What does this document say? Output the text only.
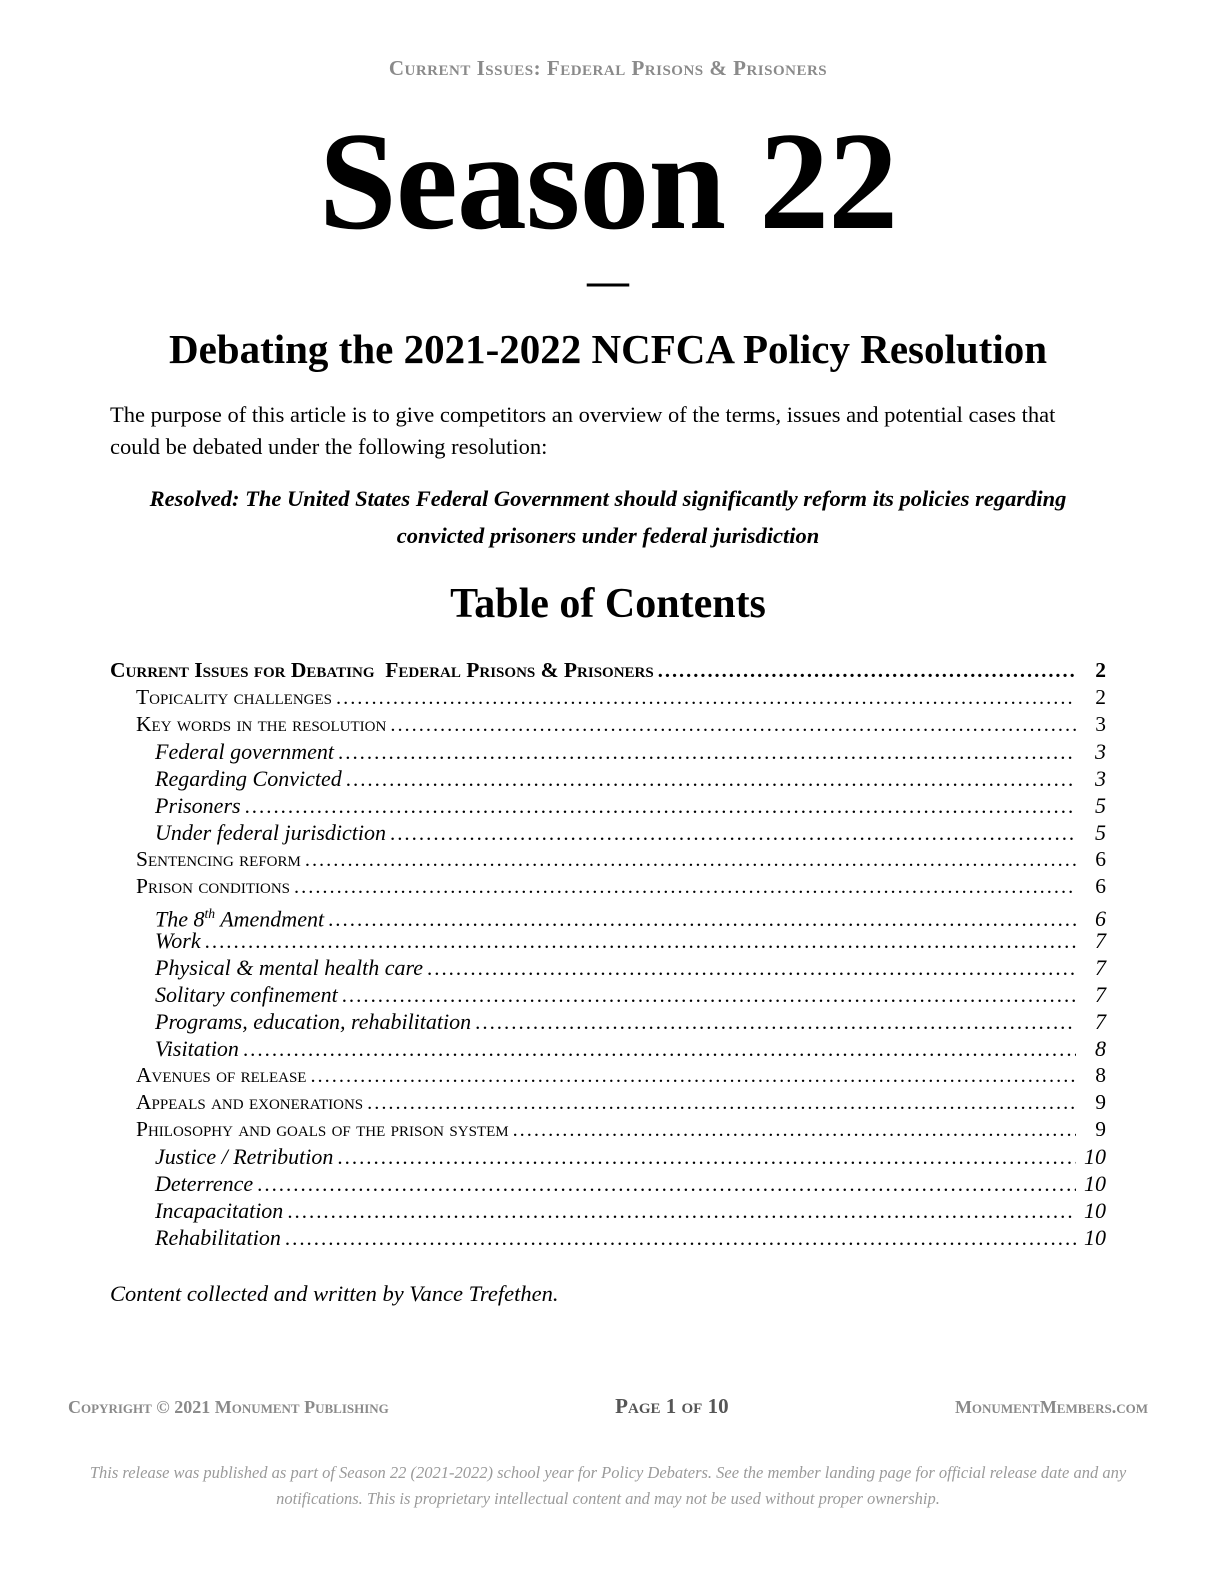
Current Issues: Federal Prisons & Prisoners
Season 22
—
Debating the 2021-2022 NCFCA Policy Resolution

The purpose of this article is to give competitors an overview of the terms, issues and potential cases that could be debated under the following resolution:

Resolved: The United States Federal Government should significantly reform its policies regarding convicted prisoners under federal jurisdiction

Table of Contents
Current Issues for Debating  Federal Prisons & Prisoners .....	2
Topicality challenges .....	2
Key words in the resolution .....	3
Federal government .....	3
Regarding Convicted .....	3
Prisoners .....	5
Under federal jurisdiction .....	5
Sentencing reform .....	6
Prison conditions .....	6
The 8th Amendment .....	6
Work .....	7
Physical & mental health care .....	7
Solitary confinement .....	7
Programs, education, rehabilitation .....	7
Visitation .....	8
Avenues of release .....	8
Appeals and exonerations .....	9
Philosophy and goals of the prison system .....	9
Justice / Retribution .....	10
Deterrence .....	10
Incapacitation .....	10
Rehabilitation .....	10

Content collected and written by Vance Trefethen.

Copyright © 2021 Monument Publishing	Page 1 of 10	MonumentMembers.com

This release was published as part of Season 22 (2021-2022) school year for Policy Debaters. See the member landing page for official release date and any notifications. This is proprietary intellectual content and may not be used without proper ownership.
